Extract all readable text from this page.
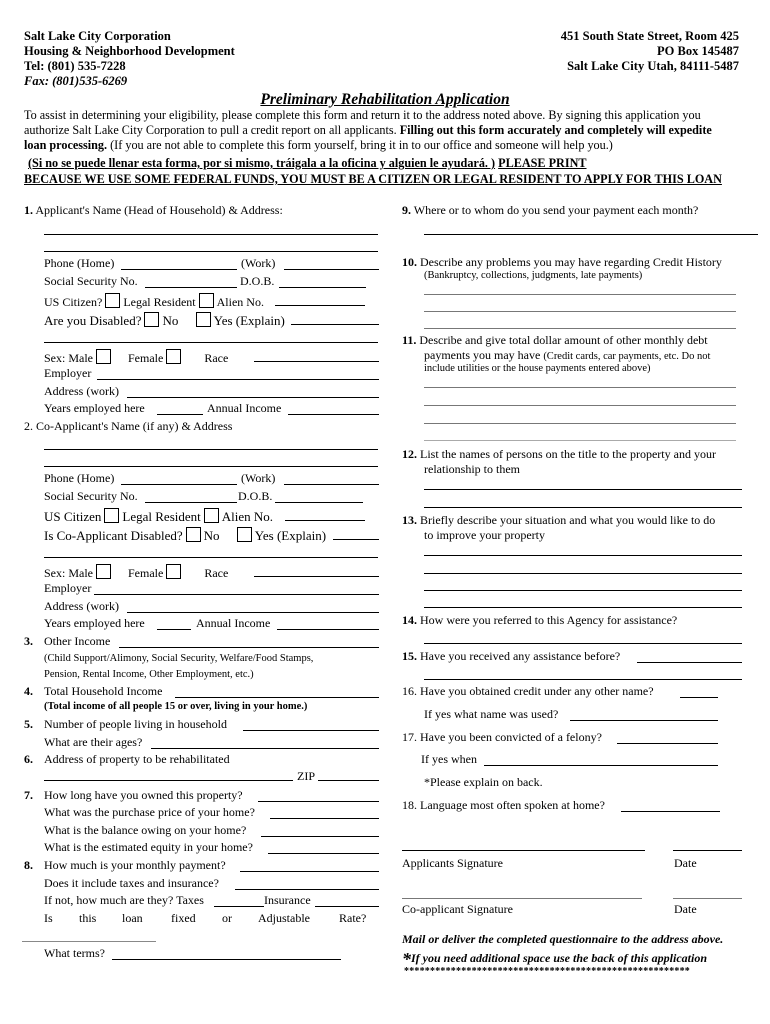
Salt Lake City Corporation
Housing & Neighborhood Development
Tel: (801) 535-7228
Fax: (801)535-6269
451 South State Street, Room 425
PO Box 145487
Salt Lake City Utah, 84111-5487
Preliminary Rehabilitation Application
To assist in determining your eligibility, please complete this form and return it to the address noted above. By signing this application you
authorize Salt Lake City Corporation to pull a credit report on all applicants. Filling out this form accurately and completely will expedite
loan processing. (If you are not able to complete this form yourself, bring it in to our office and someone will help you.)
(Si no se puede llenar esta forma, por si mismo, tráigala a la oficina y alguien le ayudará. ) PLEASE PRINT
BECAUSE WE USE SOME FEDERAL FUNDS, YOU MUST BE A CITIZEN OR LEGAL RESIDENT TO APPLY FOR THIS LOAN
1. Applicant's Name (Head of Household) & Address:
Phone (Home)	(Work)
Social Security No.	D.O.B.
US Citizen? Legal Resident Alien No.
Are you Disabled? No	Yes (Explain)
Sex: Male	Female	Race
Employer
Address (work)
Years employed here	Annual Income
2. Co-Applicant's Name (if any) & Address
Phone (Home)	(Work)
Social Security No.	D.O.B.
US Citizen Legal Resident Alien No.
Is Co-Applicant Disabled? No	Yes (Explain)
Sex: Male	Female	Race
Employer
Address (work)
Years employed here	Annual Income
3. Other Income
(Child Support/Alimony, Social Security, Welfare/Food Stamps,
Pension, Rental Income, Other Employment, etc.)
4. Total Household Income
(Total income of all people 15 or over, living in your home.)
5. Number of people living in household
What are their ages?
6. Address of property to be rehabilitated
ZIP
7. How long have you owned this property?
What was the purchase price of your home?
What is the balance owing on your home?
What is the estimated equity in your home?
8. How much is your monthly payment?
Does it include taxes and insurance?
If not, how much are they? Taxes	Insurance
Is this loan fixed or Adjustable Rate?
What terms?
9. Where or to whom do you send your payment each month?
10. Describe any problems you may have regarding Credit History
(Bankruptcy, collections, judgments, late payments)
11. Describe and give total dollar amount of other monthly debt
payments you may have (Credit cards, car payments, etc. Do not
include utilities or the house payments entered above)
12. List the names of persons on the title to the property and your
relationship to them
13. Briefly describe your situation and what you would like to do
to improve your property
14. How were you referred to this Agency for assistance?
15. Have you received any assistance before?
16. Have you obtained credit under any other name?
If yes what name was used?
17. Have you been convicted of a felony?
If yes when
*Please explain on back.
18. Language most often spoken at home?
Applicants Signature	Date
Co-applicant Signature	Date
Mail or deliver the completed questionnaire to the address above.
*If you need additional space use the back of this application
*******************************************************
